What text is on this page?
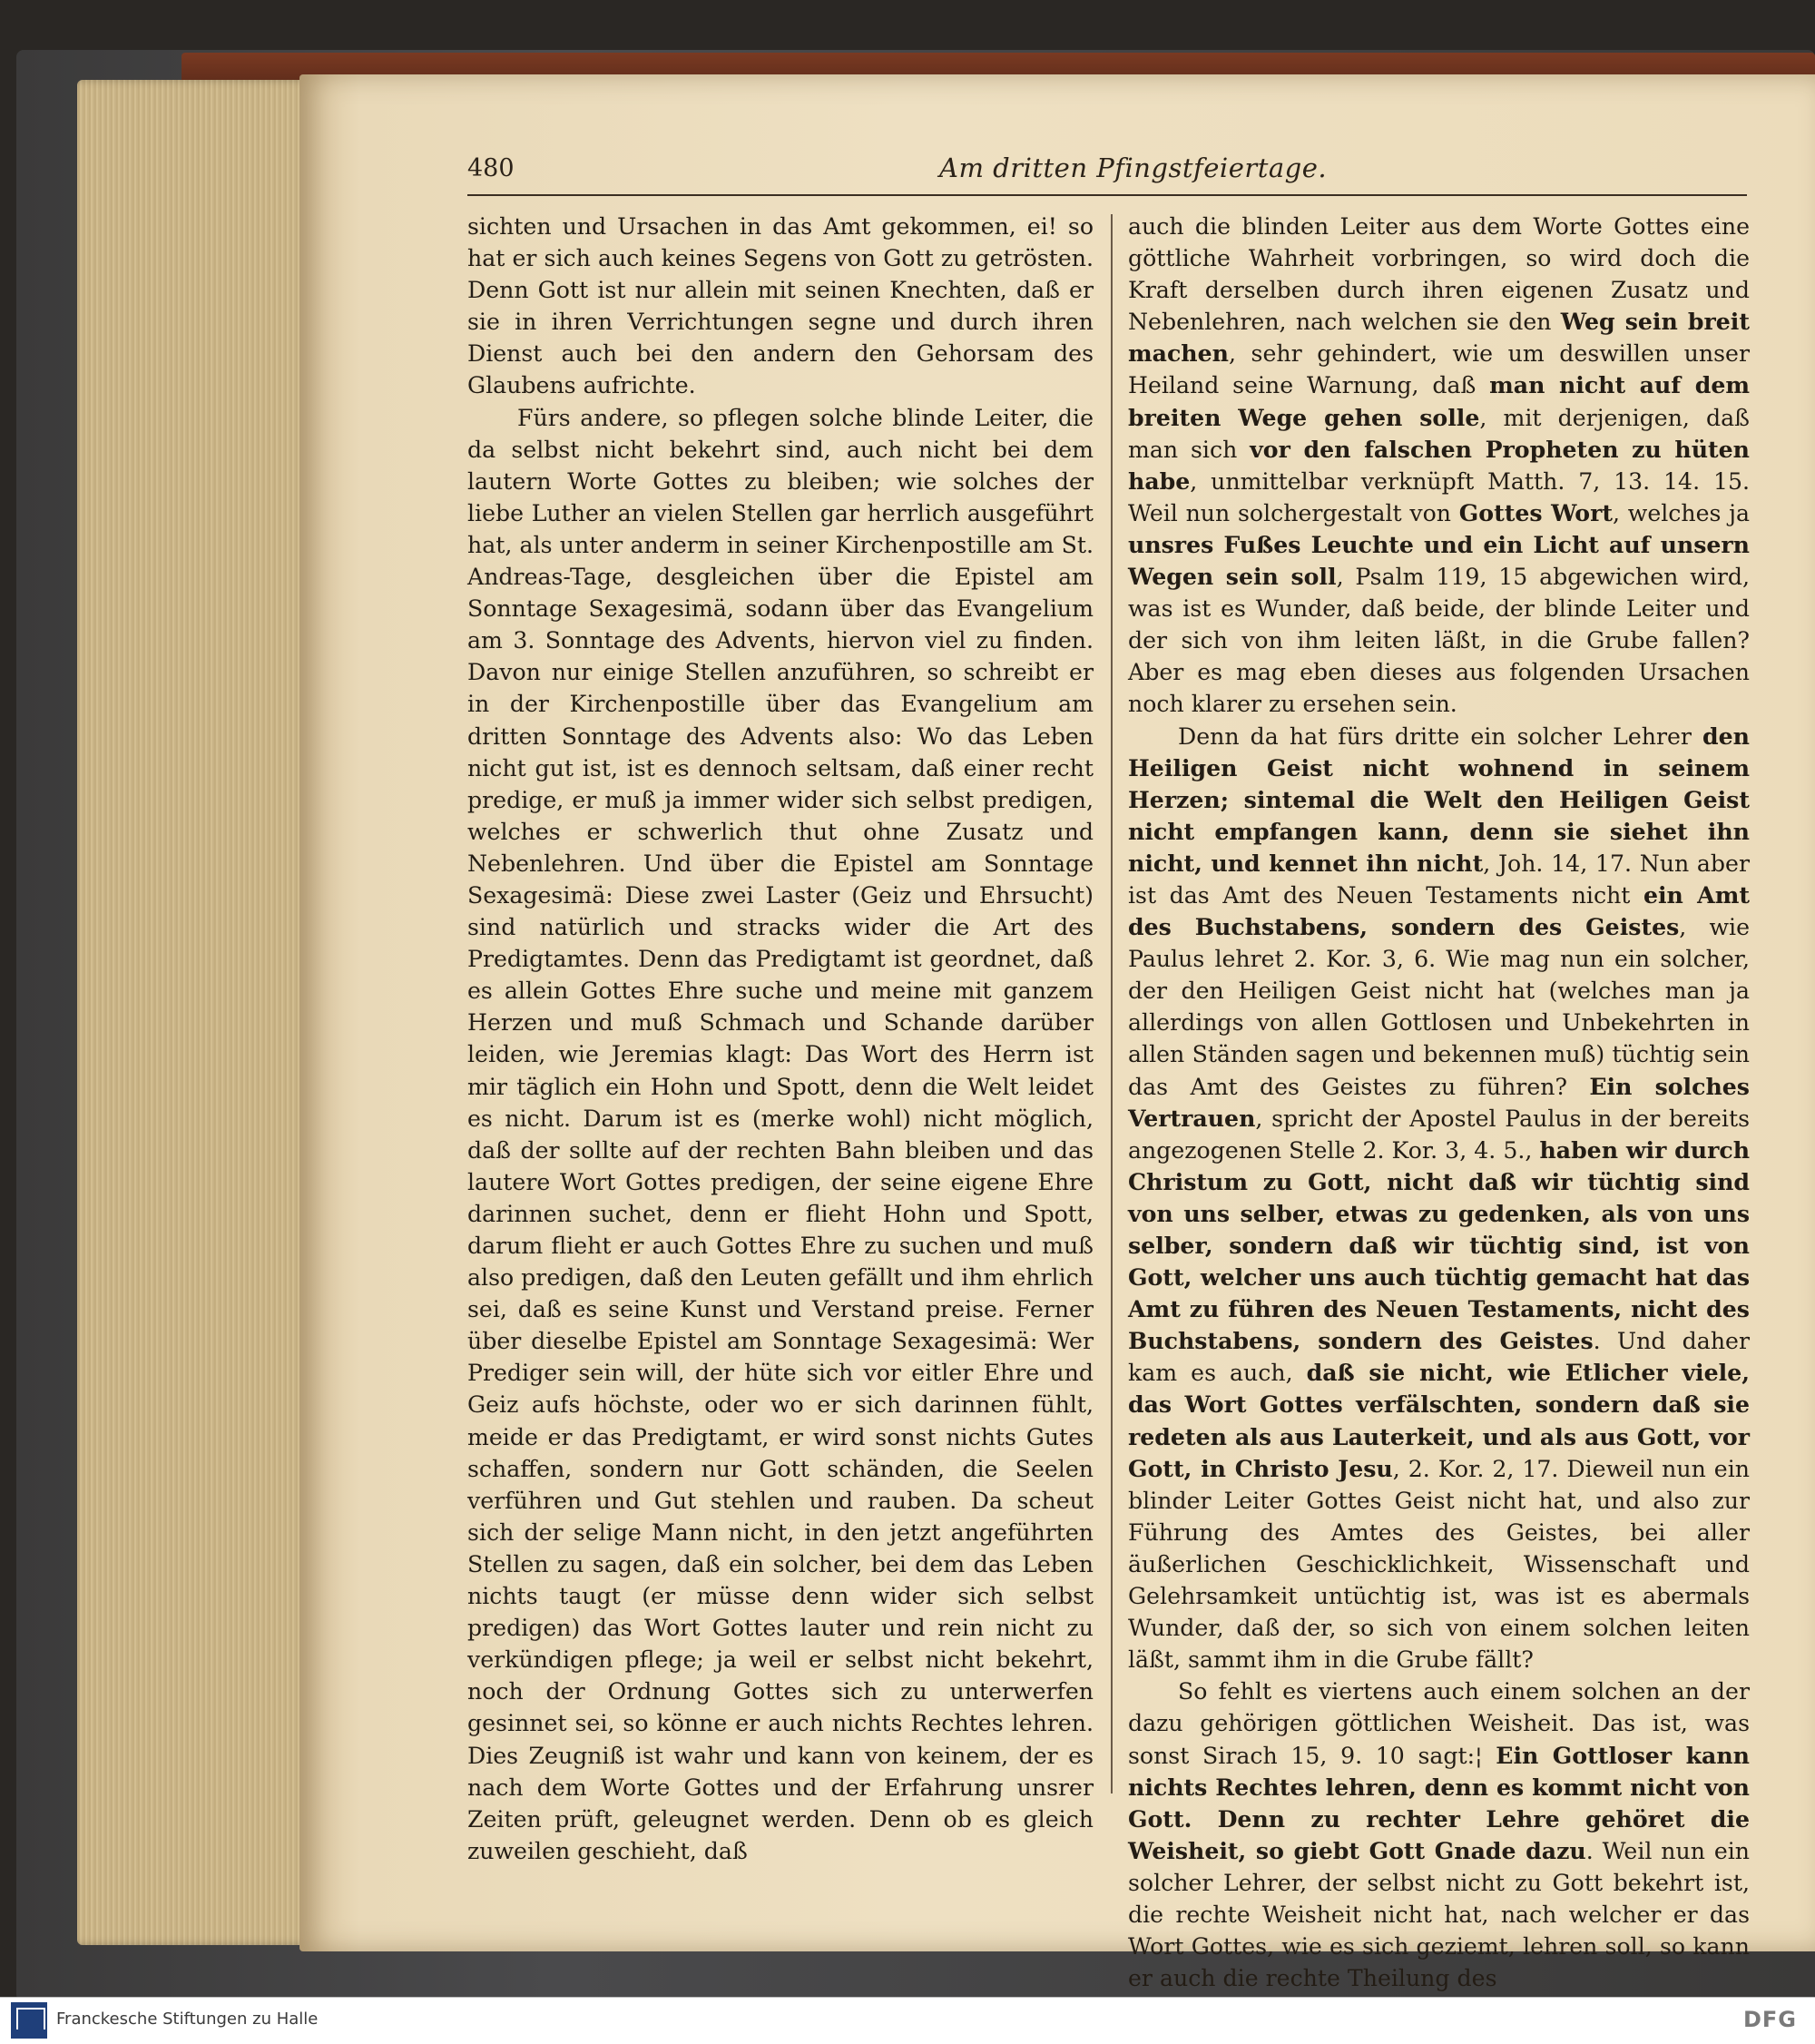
480	Am dritten Pfingstfeiertage.

sichten und Ursachen in das Amt gekommen, ei! so hat er sich auch keines Segens von Gott zu getrösten. Denn Gott ist nur allein mit seinen Knechten, daß er sie in ihren Verrichtungen segne und durch ihren Dienst auch bei den andern den Gehorsam des Glaubens aufrichte.

Fürs andere, so pflegen solche blinde Leiter, die da selbst nicht bekehrt sind, auch nicht bei dem lautern Worte Gottes zu bleiben; wie solches der liebe Luther an vielen Stellen gar herrlich ausgeführt hat, als unter anderm in seiner Kirchenpostille am St. Andreas-Tage, desgleichen über die Epistel am Sonntage Sexagesimä, sodann über das Evangelium am 3. Sonntage des Advents, hiervon viel zu finden. Davon nur einige Stellen anzuführen, so schreibt er in der Kirchenpostille über das Evangelium am dritten Sonntage des Advents also: Wo das Leben nicht gut ist, ist es dennoch seltsam, daß einer recht predige, er muß ja immer wider sich selbst predigen, welches er schwerlich thut ohne Zusatz und Nebenlehren. Und über die Epistel am Sonntage Sexagesimä: Diese zwei Laster (Geiz und Ehrsucht) sind natürlich und stracks wider die Art des Predigtamtes. Denn das Predigtamt ist geordnet, daß es allein Gottes Ehre suche und meine mit ganzem Herzen und muß Schmach und Schande darüber leiden, wie Jeremias klagt: Das Wort des Herrn ist mir täglich ein Hohn und Spott, denn die Welt leidet es nicht. Darum ist es (merke wohl) nicht möglich, daß der sollte auf der rechten Bahn bleiben und das lautere Wort Gottes predigen, der seine eigene Ehre darinnen suchet, denn er flieht Hohn und Spott, darum flieht er auch Gottes Ehre zu suchen und muß also predigen, daß den Leuten gefällt und ihm ehrlich sei, daß es seine Kunst und Verstand preise. Ferner über dieselbe Epistel am Sonntage Sexagesimä: Wer Prediger sein will, der hüte sich vor eitler Ehre und Geiz aufs höchste, oder wo er sich darinnen fühlt, meide er das Predigtamt, er wird sonst nichts Gutes schaffen, sondern nur Gott schänden, die Seelen verführen und Gut stehlen und rauben. Da scheut sich der selige Mann nicht, in den jetzt angeführten Stellen zu sagen, daß ein solcher, bei dem das Leben nichts taugt (er müsse denn wider sich selbst predigen) das Wort Gottes lauter und rein nicht zu verkündigen pflege; ja weil er selbst nicht bekehrt, noch der Ordnung Gottes sich zu unterwerfen gesinnet sei, so könne er auch nichts Rechtes lehren. Dies Zeugniß ist wahr und kann von keinem, der es nach dem Worte Gottes und der Erfahrung unsrer Zeiten prüft, geleugnet werden. Denn ob es gleich zuweilen geschieht, daß

auch die blinden Leiter aus dem Worte Gottes eine göttliche Wahrheit vorbringen, so wird doch die Kraft derselben durch ihren eigenen Zusatz und Nebenlehren, nach welchen sie den Weg sein breit machen, sehr gehindert, wie um deswillen unser Heiland seine Warnung, daß man nicht auf dem breiten Wege gehen solle, mit derjenigen, daß man sich vor den falschen Propheten zu hüten habe, unmittelbar verknüpft Matth. 7, 13. 14. 15. Weil nun solchergestalt von Gottes Wort, welches ja unsres Fußes Leuchte und ein Licht auf unsern Wegen sein soll, Psalm 119, 15 abgewichen wird, was ist es Wunder, daß beide, der blinde Leiter und der sich von ihm leiten läßt, in die Grube fallen? Aber es mag eben dieses aus folgenden Ursachen noch klarer zu ersehen sein.

Denn da hat fürs dritte ein solcher Lehrer den Heiligen Geist nicht wohnend in seinem Herzen; sintemal die Welt den Heiligen Geist nicht empfangen kann, denn sie siehet ihn nicht, und kennet ihn nicht, Joh. 14, 17. Nun aber ist das Amt des Neuen Testaments nicht ein Amt des Buchstabens, sondern des Geistes, wie Paulus lehret 2. Kor. 3, 6. Wie mag nun ein solcher, der den Heiligen Geist nicht hat (welches man ja allerdings von allen Gottlosen und Unbekehrten in allen Ständen sagen und bekennen muß) tüchtig sein das Amt des Geistes zu führen? Ein solches Vertrauen, spricht der Apostel Paulus in der bereits angezogenen Stelle 2. Kor. 3, 4. 5., haben wir durch Christum zu Gott, nicht daß wir tüchtig sind von uns selber, etwas zu gedenken, als von uns selber, sondern daß wir tüchtig sind, ist von Gott, welcher uns auch tüchtig gemacht hat das Amt zu führen des Neuen Testaments, nicht des Buchstabens, sondern des Geistes. Und daher kam es auch, daß sie nicht, wie Etlicher viele, das Wort Gottes verfälschten, sondern daß sie redeten als aus Lauterkeit, und als aus Gott, vor Gott, in Christo Jesu, 2. Kor. 2, 17. Dieweil nun ein blinder Leiter Gottes Geist nicht hat, und also zur Führung des Amtes des Geistes, bei aller äußerlichen Geschicklichkeit, Wissenschaft und Gelehrsamkeit untüchtig ist, was ist es abermals Wunder, daß der, so sich von einem solchen leiten läßt, sammt ihm in die Grube fällt?

So fehlt es viertens auch einem solchen an der dazu gehörigen göttlichen Weisheit. Das ist, was sonst Sirach 15, 9. 10 sagt:¦ Ein Gottloser kann nichts Rechtes lehren, denn es kommt nicht von Gott. Denn zu rechter Lehre gehöret die Weisheit, so giebt Gott Gnade dazu. Weil nun ein solcher Lehrer, der selbst nicht zu Gott bekehrt ist, die rechte Weisheit nicht hat, nach welcher er das Wort Gottes, wie es sich geziemt, lehren soll, so kann er auch die rechte Theilung des

Franckesche Stiftungen zu Halle	DFG
